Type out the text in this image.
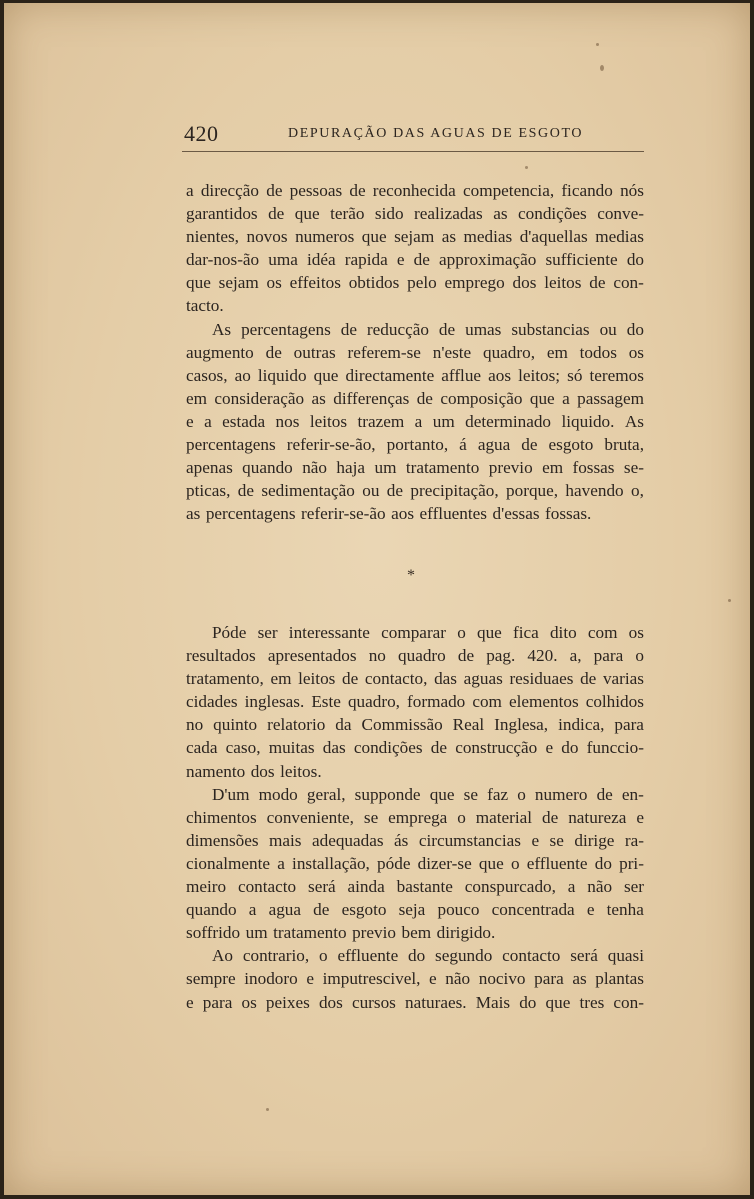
420	DEPURAÇÃO DAS AGUAS DE ESGOTO
a direcção de pessoas de reconhecida competencia, ficando nós
garantidos de que terão sido realizadas as condições conve-
nientes, novos numeros que sejam as medias d'aquellas medias
dar-nos-ão uma idéa rapida e de approximação sufficiente do
que sejam os effeitos obtidos pelo emprego dos leitos de con-
tacto.
As percentagens de reducção de umas substancias ou do
augmento de outras referem-se n'este quadro, em todos os
casos, ao liquido que directamente afflue aos leitos; só teremos
em consideração as differenças de composição que a passagem
e a estada nos leitos trazem a um determinado liquido. As
percentagens referir-se-ão, portanto, á agua de esgoto bruta,
apenas quando não haja um tratamento previo em fossas se-
pticas, de sedimentação ou de precipitação, porque, havendo o,
as percentagens referir-se-ão aos effluentes d'essas fossas.
*
Póde ser interessante comparar o que fica dito com os
resultados apresentados no quadro de pag. 420. a, para o
tratamento, em leitos de contacto, das aguas residuaes de varias
cidades inglesas. Este quadro, formado com elementos colhidos
no quinto relatorio da Commissão Real Inglesa, indica, para
cada caso, muitas das condições de construcção e do funccio-
namento dos leitos.
D'um modo geral, supponde que se faz o numero de en-
chimentos conveniente, se emprega o material de natureza e
dimensões mais adequadas ás circumstancias e se dirige ra-
cionalmente a installação, póde dizer-se que o effluente do pri-
meiro contacto será ainda bastante conspurcado, a não ser
quando a agua de esgoto seja pouco concentrada e tenha
soffrido um tratamento previo bem dirigido.
Ao contrario, o effluente do segundo contacto será quasi
sempre inodoro e imputrescivel, e não nocivo para as plantas
e para os peixes dos cursos naturaes. Mais do que tres con-
